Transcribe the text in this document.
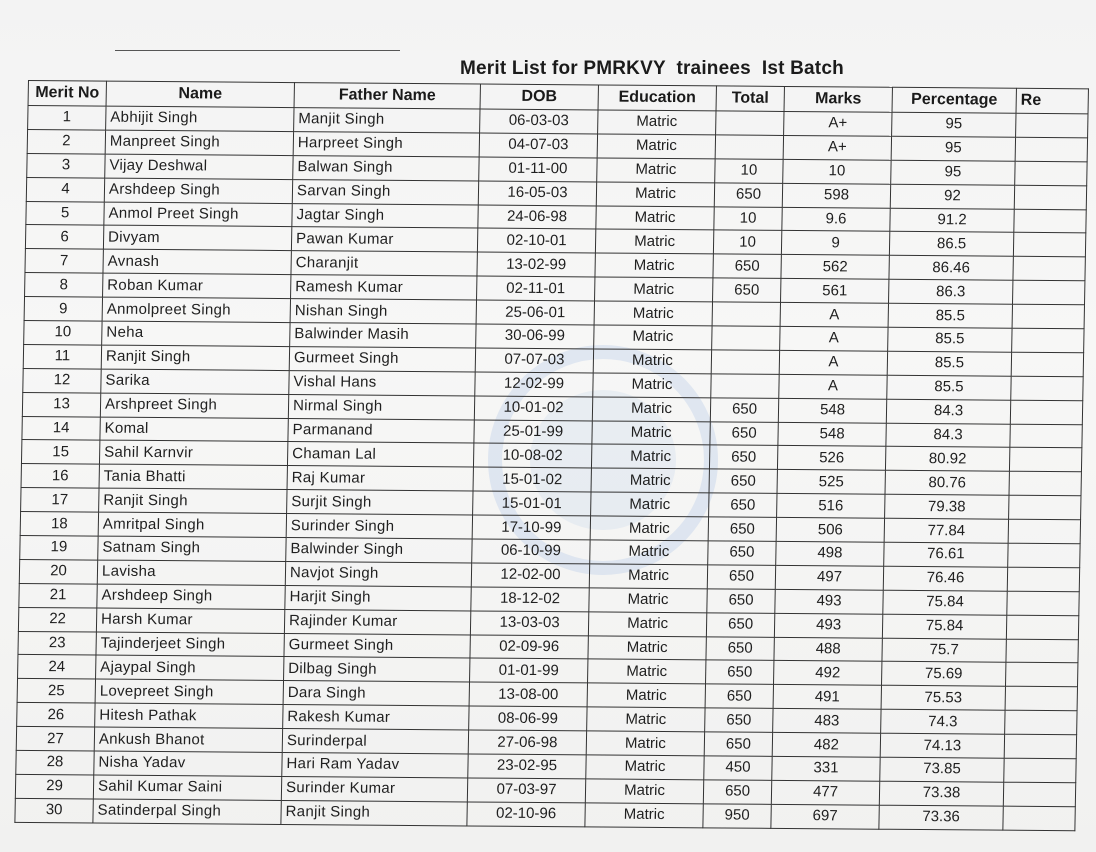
Merit List for PMRKVY  trainees  Ist Batch
Merit No	Name	Father Name	DOB	Education	Total	Marks	Percentage	Re
1	Abhijit Singh	Manjit Singh	06-03-03	Matric		A+	95	
2	Manpreet Singh	Harpreet Singh	04-07-03	Matric		A+	95	
3	Vijay Deshwal	Balwan Singh	01-11-00	Matric	10	10	95	
4	Arshdeep Singh	Sarvan Singh	16-05-03	Matric	650	598	92	
5	Anmol Preet Singh	Jagtar Singh	24-06-98	Matric	10	9.6	91.2	
6	Divyam	Pawan Kumar	02-10-01	Matric	10	9	86.5	
7	Avnash	Charanjit	13-02-99	Matric	650	562	86.46	
8	Roban Kumar	Ramesh Kumar	02-11-01	Matric	650	561	86.3	
9	Anmolpreet Singh	Nishan Singh	25-06-01	Matric		A	85.5	
10	Neha	Balwinder Masih	30-06-99	Matric		A	85.5	
11	Ranjit Singh	Gurmeet Singh	07-07-03	Matric		A	85.5	
12	Sarika	Vishal Hans	12-02-99	Matric		A	85.5	
13	Arshpreet Singh	Nirmal Singh	10-01-02	Matric	650	548	84.3	
14	Komal	Parmanand	25-01-99	Matric	650	548	84.3	
15	Sahil Karnvir	Chaman Lal	10-08-02	Matric	650	526	80.92	
16	Tania Bhatti	Raj Kumar	15-01-02	Matric	650	525	80.76	
17	Ranjit Singh	Surjit Singh	15-01-01	Matric	650	516	79.38	
18	Amritpal Singh	Surinder Singh	17-10-99	Matric	650	506	77.84	
19	Satnam Singh	Balwinder Singh	06-10-99	Matric	650	498	76.61	
20	Lavisha	Navjot Singh	12-02-00	Matric	650	497	76.46	
21	Arshdeep Singh	Harjit Singh	18-12-02	Matric	650	493	75.84	
22	Harsh Kumar	Rajinder Kumar	13-03-03	Matric	650	493	75.84	
23	Tajinderjeet Singh	Gurmeet Singh	02-09-96	Matric	650	488	75.7	
24	Ajaypal Singh	Dilbag Singh	01-01-99	Matric	650	492	75.69	
25	Lovepreet Singh	Dara Singh	13-08-00	Matric	650	491	75.53	
26	Hitesh Pathak	Rakesh Kumar	08-06-99	Matric	650	483	74.3	
27	Ankush Bhanot	Surinderpal	27-06-98	Matric	650	482	74.13	
28	Nisha Yadav	Hari Ram Yadav	23-02-95	Matric	450	331	73.85	
29	Sahil Kumar Saini	Surinder Kumar	07-03-97	Matric	650	477	73.38	
30	Satinderpal Singh	Ranjit Singh	02-10-96	Matric	950	697	73.36	
